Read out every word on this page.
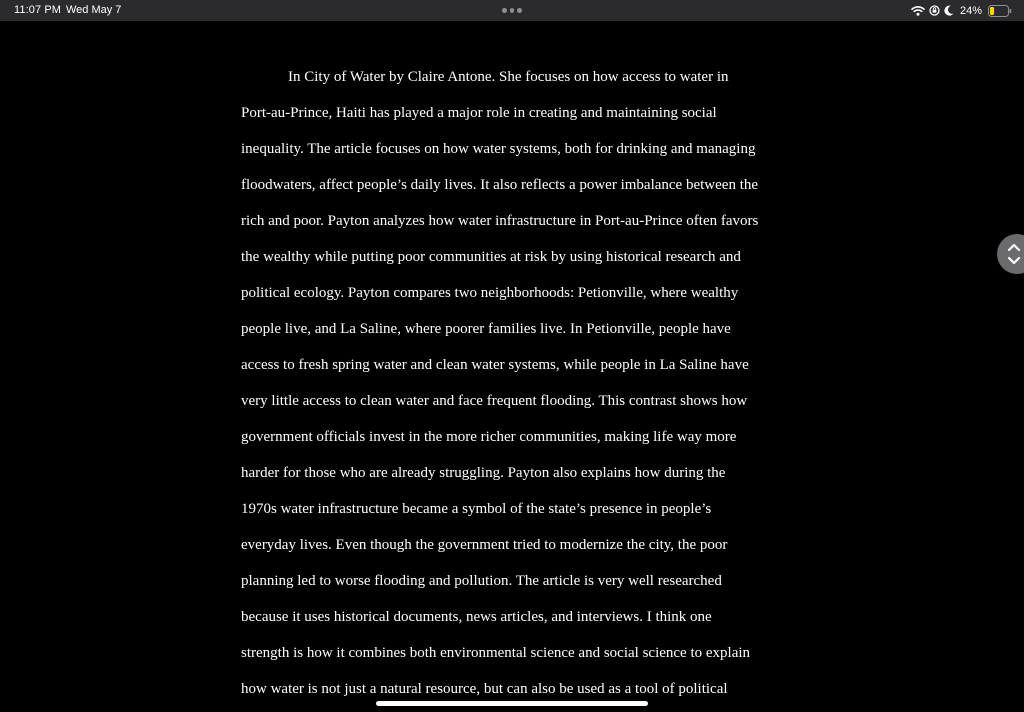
11:07 PM Wed May 7	24%
In City of Water by Claire Antone. She focuses on how access to water in
Port-au-Prince, Haiti has played a major role in creating and maintaining social
inequality. The article focuses on how water systems, both for drinking and managing
floodwaters, affect people’s daily lives. It also reflects a power imbalance between the
rich and poor. Payton analyzes how water infrastructure in Port-au-Prince often favors
the wealthy while putting poor communities at risk by using historical research and
political ecology. Payton compares two neighborhoods: Petionville, where wealthy
people live, and La Saline, where poorer families live. In Petionville, people have
access to fresh spring water and clean water systems, while people in La Saline have
very little access to clean water and face frequent flooding. This contrast shows how
government officials invest in the more richer communities, making life way more
harder for those who are already struggling. Payton also explains how during the
1970s water infrastructure became a symbol of the state’s presence in people’s
everyday lives. Even though the government tried to modernize the city, the poor
planning led to worse flooding and pollution. The article is very well researched
because it uses historical documents, news articles, and interviews. I think one
strength is how it combines both environmental science and social science to explain
how water is not just a natural resource, but can also be used as a tool of political
